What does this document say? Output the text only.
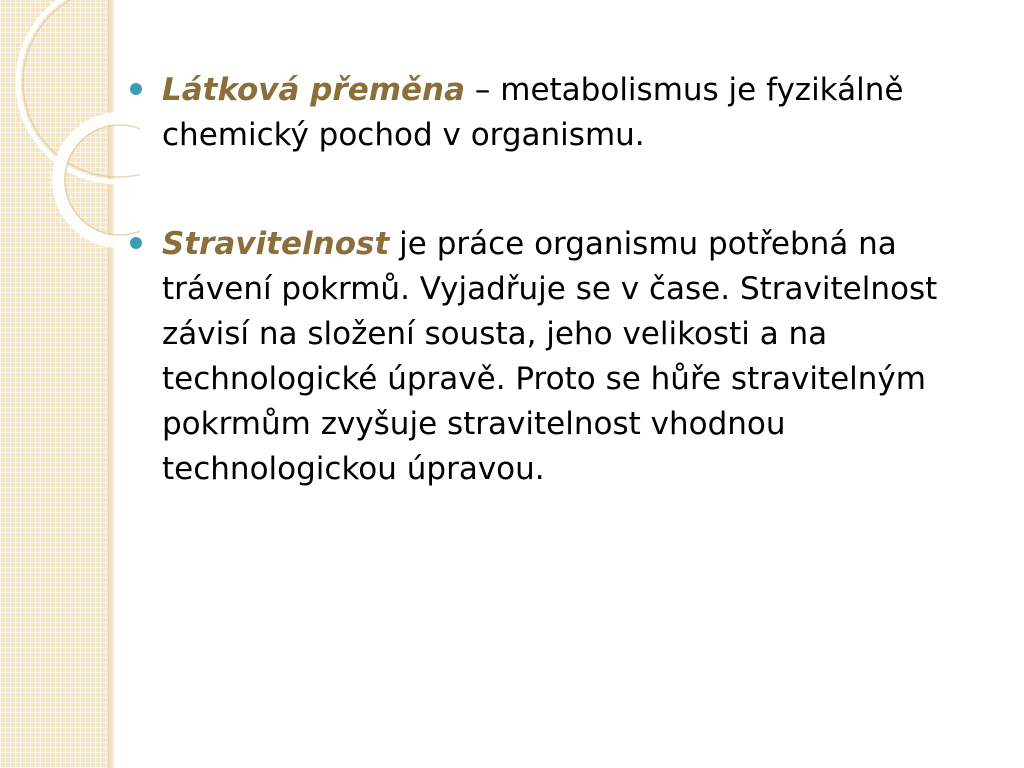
Látková přeměna – metabolismus je fyzikálně chemický pochod v organismu.
Stravitelnost je práce organismu potřebná na trávení pokrmů. Vyjadřuje se v čase. Stravitelnost závisí na složení sousta, jeho velikosti a na technologické úpravě. Proto se hůře stravitelným pokrmům zvyšuje stravitelnost vhodnou technologickou úpravou.
